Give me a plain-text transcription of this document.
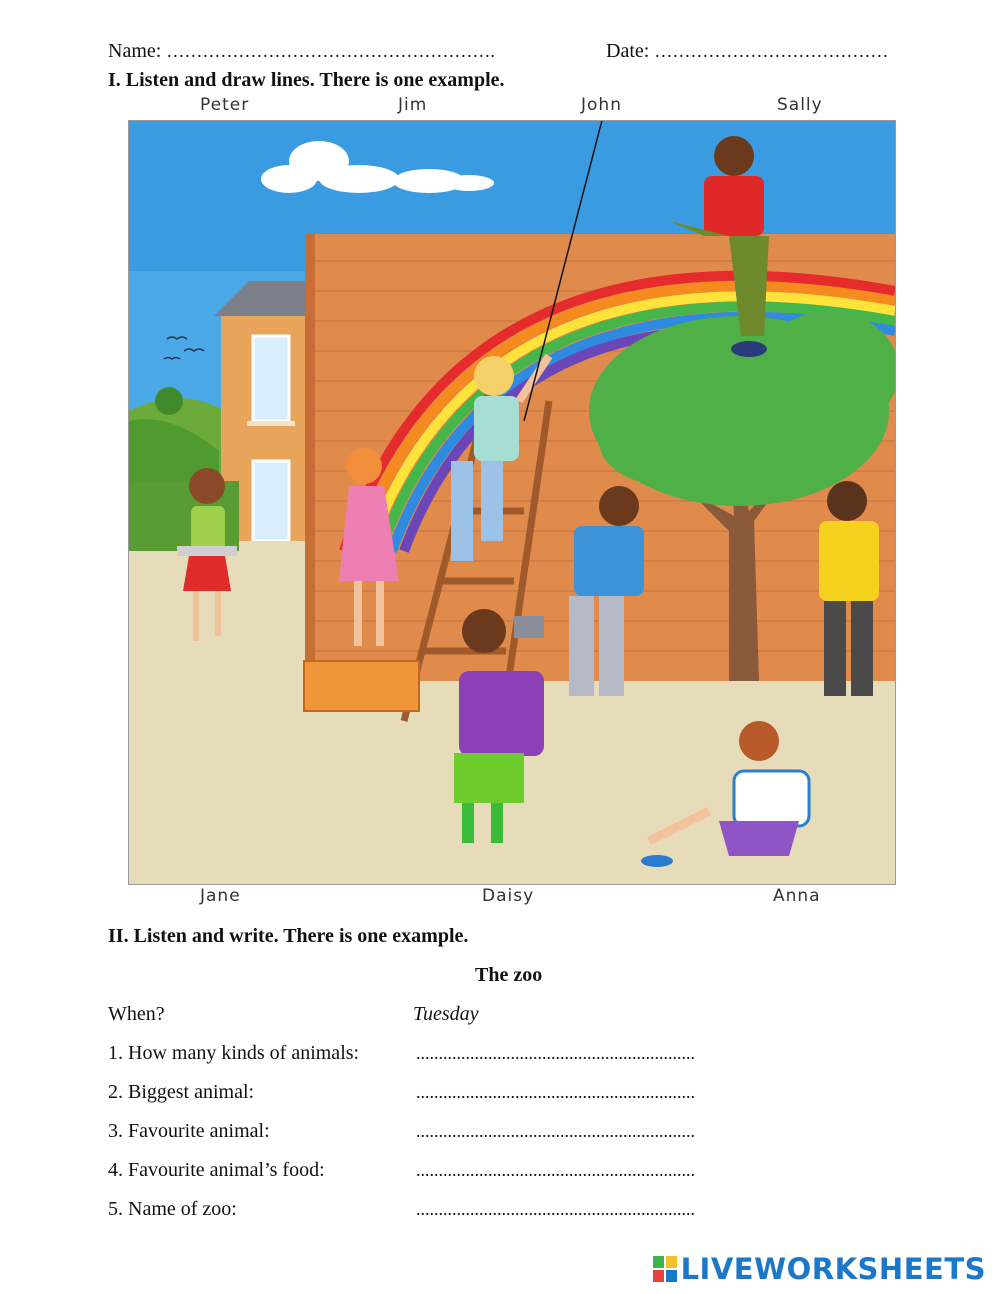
Name: ……………………………………………….	Date: …………………………………
I. Listen and draw lines. There is one example.
Peter	Jim	John	Sally
Jane	Daisy	Anna
II. Listen and write. There is one example.
The zoo
When?	Tuesday
1. How many kinds of animals:	..............................................................
2. Biggest animal:	..............................................................
3. Favourite animal:	..............................................................
4. Favourite animal’s food:	..............................................................
5. Name of zoo:	..............................................................
LIVEWORKSHEETS
